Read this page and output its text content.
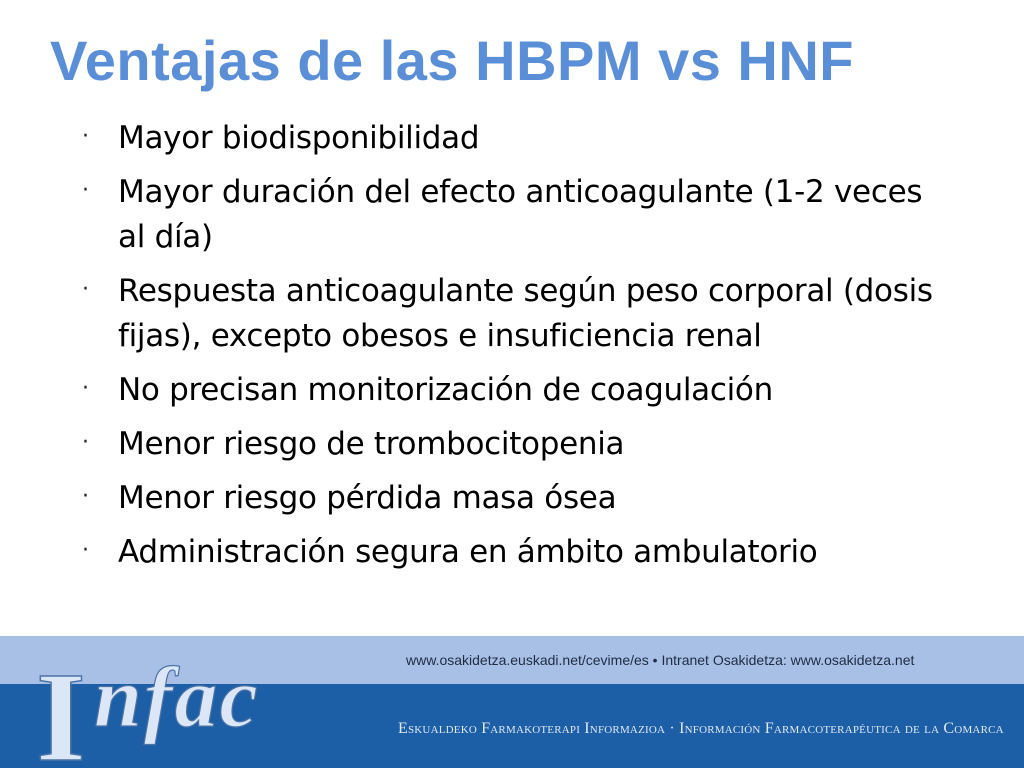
Ventajas de las HBPM vs HNF
· Mayor biodisponibilidad
· Mayor duración del efecto anticoagulante (1-2 veces al día)
· Respuesta anticoagulante según peso corporal (dosis fijas), excepto obesos e insuficiencia renal
· No precisan monitorización de coagulación
· Menor riesgo de trombocitopenia
· Menor riesgo pérdida masa ósea
· Administración segura en ámbito ambulatorio
I nfac	www.osakidetza.euskadi.net/cevime/es • Intranet Osakidetza: www.osakidetza.net
Eskualdeko Farmakoterapi Informazioa · Información Farmacoterapéutica de la Comarca
